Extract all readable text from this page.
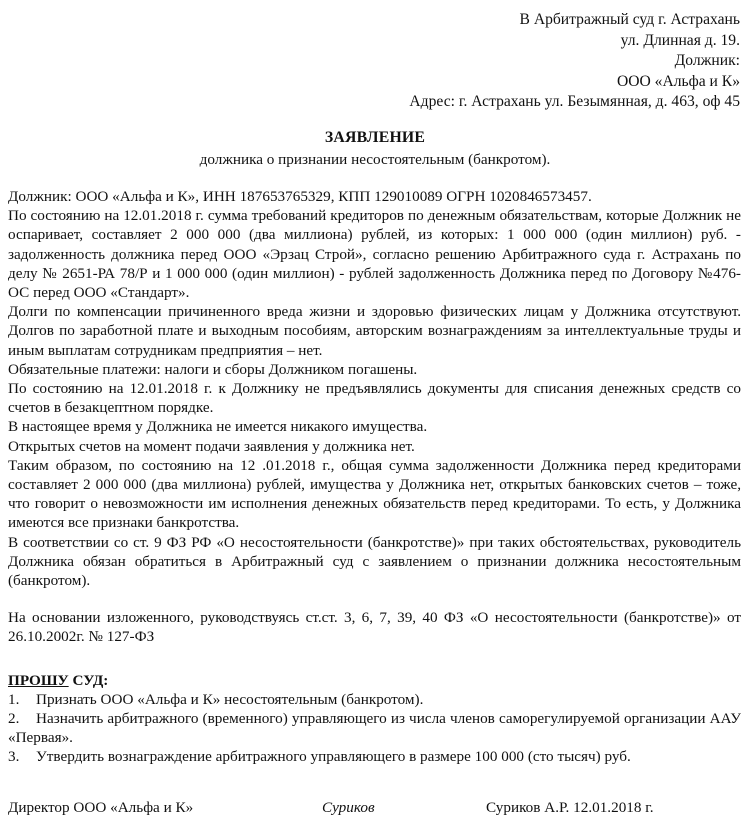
В Арбитражный суд г. Астрахань
ул. Длинная д. 19.
Должник:
ООО «Альфа и К»
Адрес: г. Астрахань ул. Безымянная, д. 463, оф 45
ЗАЯВЛЕНИЕ
должника о признании несостоятельным (банкротом).

Должник: ООО «Альфа и К», ИНН 187653765329, КПП 129010089 ОГРН 1020846573457.

По состоянию на 12.01.2018 г. сумма требований кредиторов по денежным обязательствам, которые Должник не оспаривает, составляет 2 000 000 (два миллиона) рублей, из которых: 1 000 000 (один миллион) руб. - задолженность должника перед ООО «Эрзац Строй», согласно решению Арбитражного суда г. Астрахань по делу № 2651-РА 78/Р и 1 000 000 (один миллион) - рублей задолженность Должника перед по Договору №476-ОС перед ООО «Стандарт».

Долги по компенсации причиненного вреда жизни и здоровью физических лицам у Должника отсутствуют. Долгов по заработной плате и выходным пособиям, авторским вознаграждениям за интеллектуальные труды и иным выплатам сотрудникам предприятия – нет.

Обязательные платежи: налоги и сборы Должником погашены.

По состоянию на 12.01.2018 г. к Должнику не предъявлялись документы для списания денежных средств со счетов в безакцептном порядке.

В настоящее время у Должника не имеется никакого имущества.

Открытых счетов на момент подачи заявления у должника нет.

Таким образом, по состоянию на 12 .01.2018 г., общая сумма задолженности Должника перед кредиторами составляет 2 000 000 (два миллиона) рублей, имущества у Должника нет, открытых банковских счетов – тоже, что говорит о невозможности им исполнения денежных обязательств перед кредиторами. То есть, у Должника имеются все признаки банкротства.

В соответствии со ст. 9 ФЗ РФ «О несостоятельности (банкротстве)» при таких обстоятельствах, руководитель Должника обязан обратиться в Арбитражный суд с заявлением о признании должника несостоятельным (банкротом).

На основании изложенного, руководствуясь ст.ст. 3, 6, 7, 39, 40 ФЗ «О несостоятельности (банкротстве)» от 26.10.2002г. № 127-ФЗ

ПРОШУ СУД:

1. Признать ООО «Альфа и К» несостоятельным (банкротом).
2. Назначить арбитражного (временного) управляющего из числа членов саморегулируемой организации ААУ «Первая».
3. Утвердить вознаграждение арбитражного управляющего в размере 100 000 (сто тысяч) руб.
Директор ООО «Альфа и К»	Суриков	Суриков А.Р. 12.01.2018 г.
